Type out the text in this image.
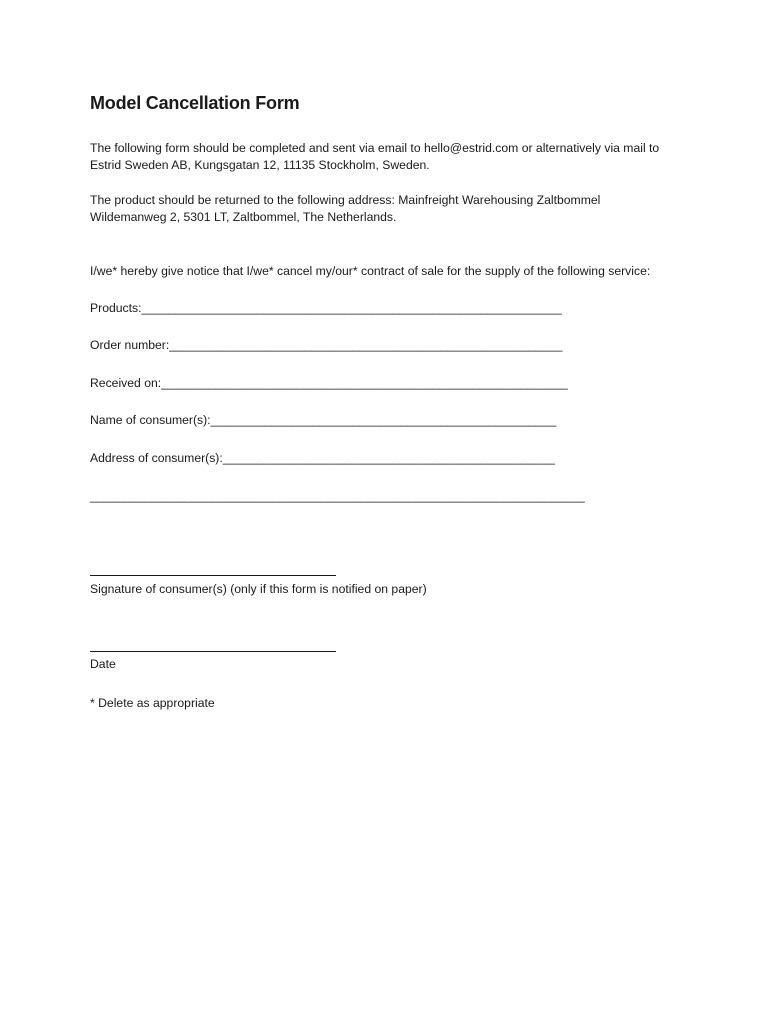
Model Cancellation Form

The following form should be completed and sent via email to hello@estrid.com or alternatively via mail to
Estrid Sweden AB, Kungsgatan 12, 11135 Stockholm, Sweden.

The product should be returned to the following address: Mainfreight Warehousing Zaltbommel
Wildemanweg 2, 5301 LT, Zaltbommel, The Netherlands.

I/we* hereby give notice that I/we* cancel my/our* contract of sale for the supply of the following service:

Products:______________________________________________________________

Order number:__________________________________________________________

Received on:____________________________________________________________

Name of consumer(s):___________________________________________________

Address of consumer(s):_________________________________________________

_________________________________________________________________________

Signature of consumer(s) (only if this form is notified on paper)

Date

* Delete as appropriate
